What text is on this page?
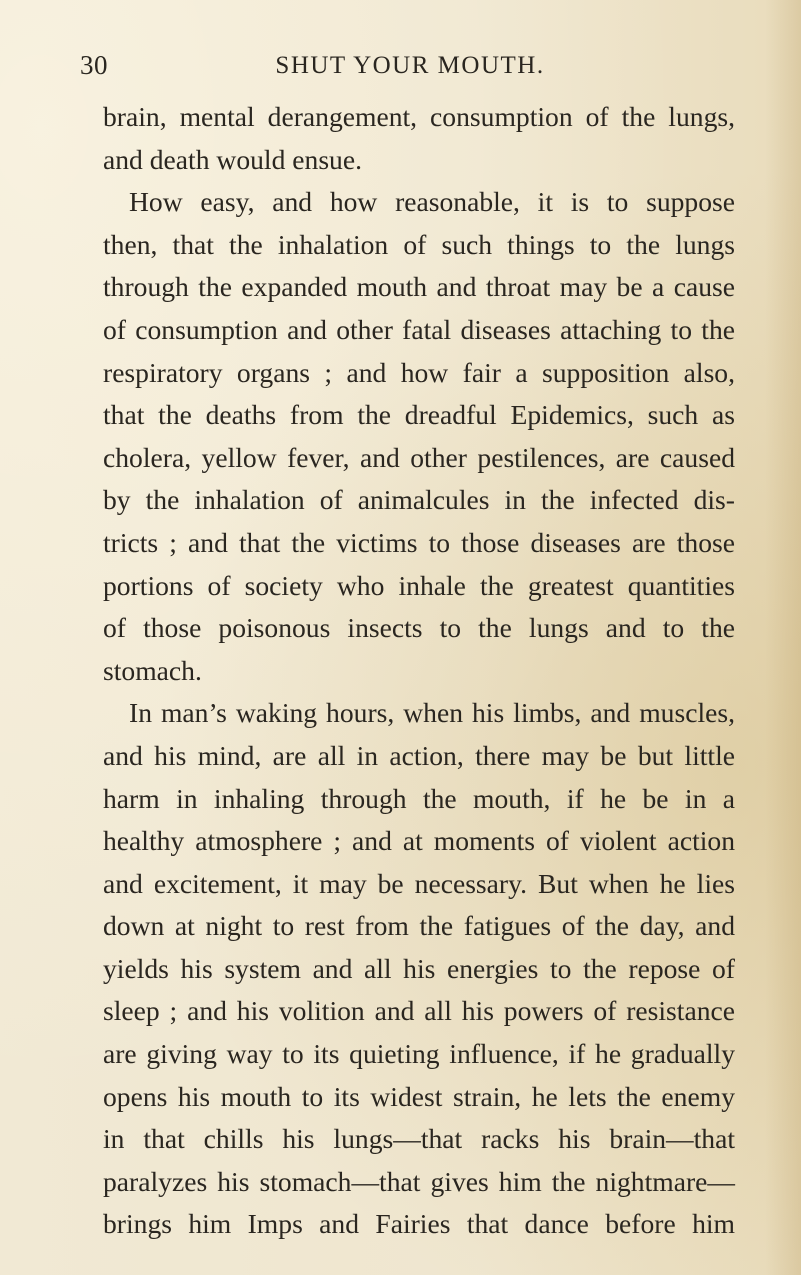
30	SHUT YOUR MOUTH.
brain, mental derangement, consumption of the lungs,
and death would ensue.
How easy, and how reasonable, it is to suppose
then, that the inhalation of such things to the lungs
through the expanded mouth and throat may be a cause
of consumption and other fatal diseases attaching to the
respiratory organs ; and how fair a supposition also,
that the deaths from the dreadful Epidemics, such as
cholera, yellow fever, and other pestilences, are caused
by the inhalation of animalcules in the infected dis-
tricts ; and that the victims to those diseases are those
portions of society who inhale the greatest quantities
of those poisonous insects to the lungs and to the
stomach.
In man’s waking hours, when his limbs, and muscles,
and his mind, are all in action, there may be but little
harm in inhaling through the mouth, if he be in a
healthy atmosphere ; and at moments of violent action
and excitement, it may be necessary. But when he lies
down at night to rest from the fatigues of the day, and
yields his system and all his energies to the repose of
sleep ; and his volition and all his powers of resistance
are giving way to its quieting influence, if he gradually
opens his mouth to its widest strain, he lets the enemy
in that chills his lungs—that racks his brain—that
paralyzes his stomach—that gives him the nightmare—
brings him Imps and Fairies that dance before him
